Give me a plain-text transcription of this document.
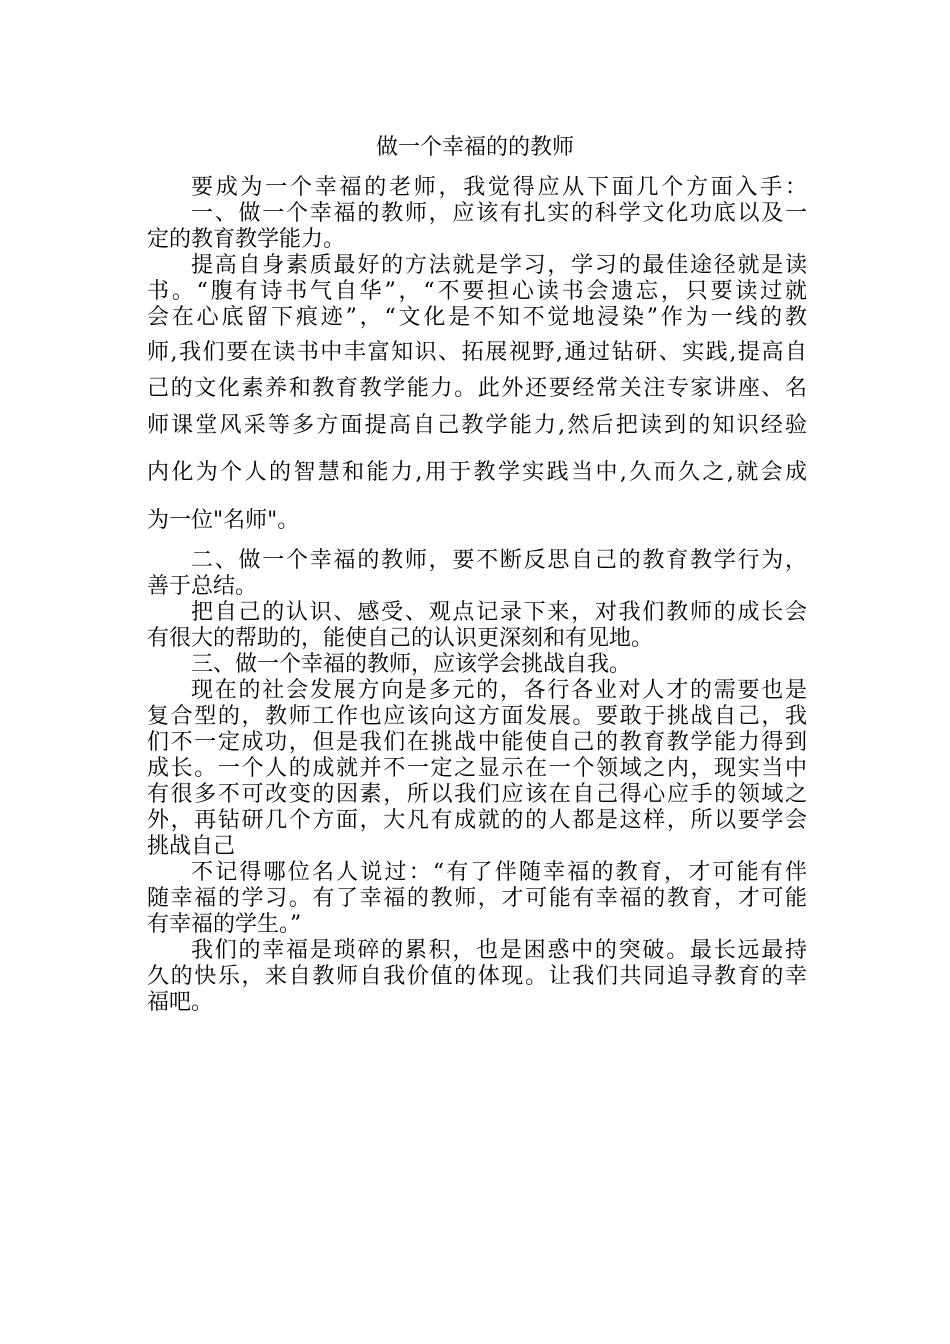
做一个幸福的的教师
要成为一个幸福的老师，我觉得应从下面几个方面入手：
一、做一个幸福的教师，应该有扎实的科学文化功底以及一
定的教育教学能力。
提高自身素质最好的方法就是学习，学习的最佳途径就是读
书。“腹有诗书气自华”，“不要担心读书会遗忘，只要读过就
会在心底留下痕迹”，“文化是不知不觉地浸染”作为一线的教
师,我们要在读书中丰富知识、拓展视野,通过钻研、实践,提高自
己的文化素养和教育教学能力。此外还要经常关注专家讲座、名
师课堂风采等多方面提高自己教学能力,然后把读到的知识经验
内化为个人的智慧和能力,用于教学实践当中,久而久之,就会成
为一位"名师"。
二、做一个幸福的教师，要不断反思自己的教育教学行为，
善于总结。
把自己的认识、感受、观点记录下来，对我们教师的成长会
有很大的帮助的，能使自己的认识更深刻和有见地。
三、做一个幸福的教师，应该学会挑战自我。
现在的社会发展方向是多元的，各行各业对人才的需要也是
复合型的，教师工作也应该向这方面发展。要敢于挑战自己，我
们不一定成功，但是我们在挑战中能使自己的教育教学能力得到
成长。一个人的成就并不一定之显示在一个领域之内，现实当中
有很多不可改变的因素，所以我们应该在自己得心应手的领域之
外，再钻研几个方面，大凡有成就的的人都是这样，所以要学会
挑战自己
不记得哪位名人说过：“有了伴随幸福的教育，才可能有伴
随幸福的学习。有了幸福的教师，才可能有幸福的教育，才可能
有幸福的学生。”
我们的幸福是琐碎的累积，也是困惑中的突破。最长远最持
久的快乐，来自教师自我价值的体现。让我们共同追寻教育的幸
福吧。
